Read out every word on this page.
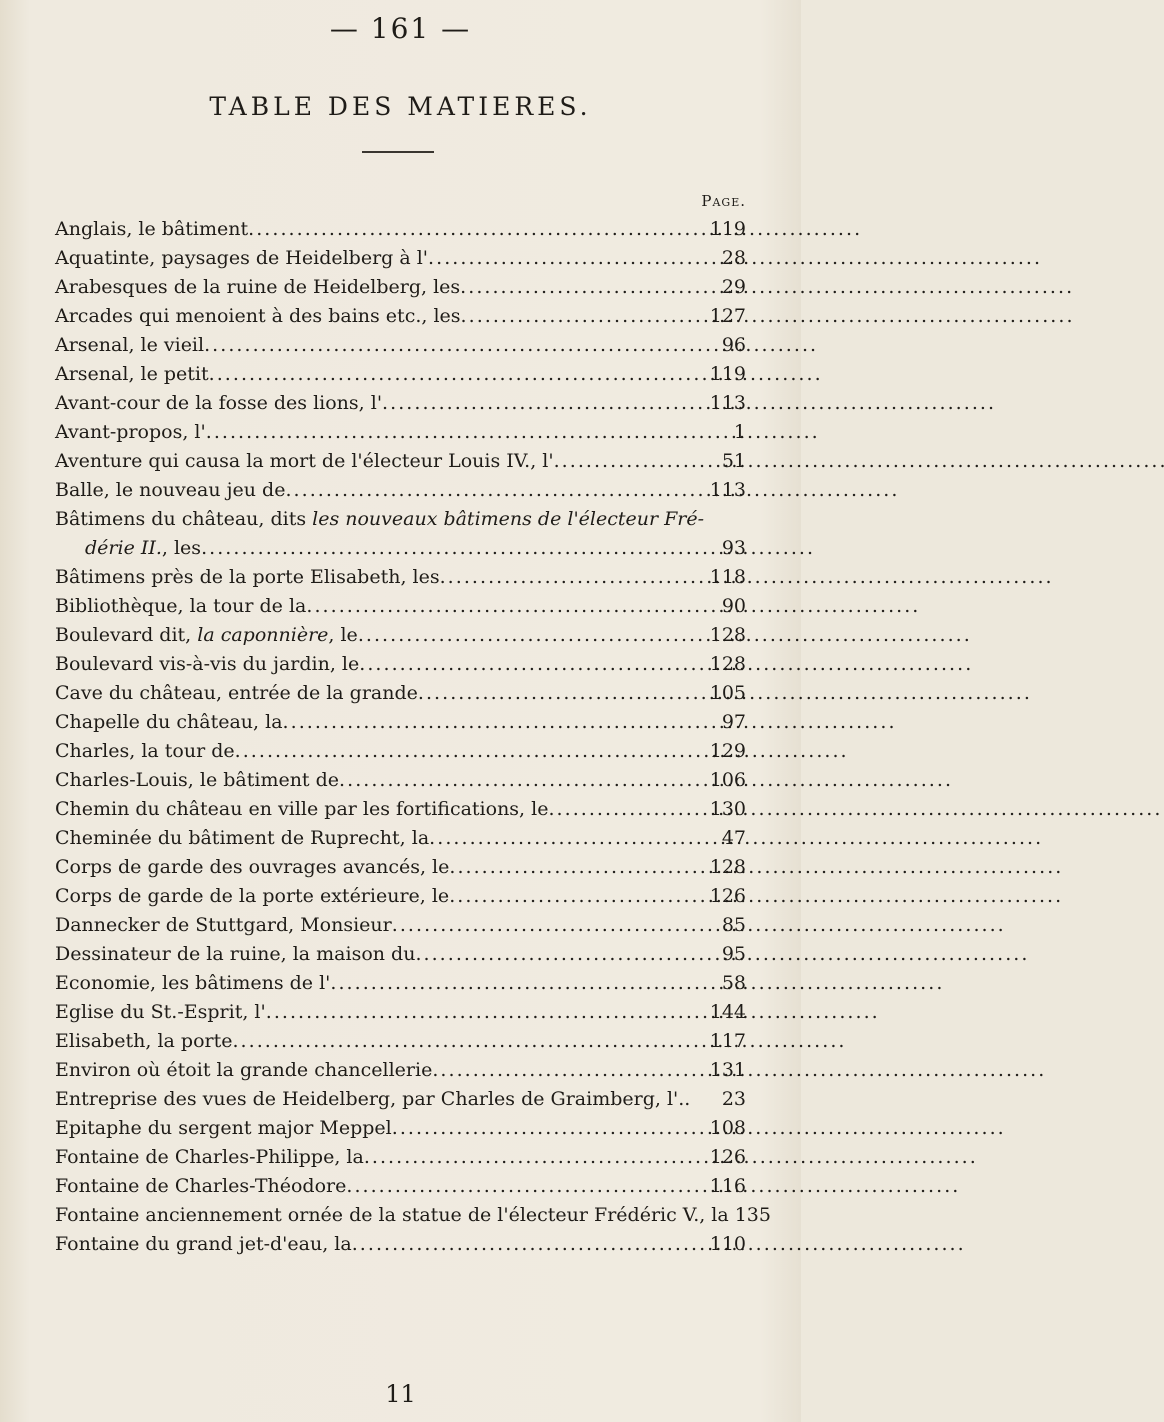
— 161 —
TABLE DES MATIERES.
Page.
Anglais, le bâtiment . . .	119
Aquatinte, paysages de Heidelberg à l' . . .	28
Arabesques de la ruine de Heidelberg, les . . .	29
Arcades qui menoient à des bains etc., les . . .	127
Arsenal, le vieil . . .	96
Arsenal, le petit . . .	119
Avant-cour de la fosse des lions, l' . . .	113
Avant-propos, l' . . .	1
Aventure qui causa la mort de l'électeur Louis IV., l' . . .	51
Balle, le nouveau jeu de . . .	113
Bâtimens du château, dits les nouveaux bâtimens de l'électeur Fré-
dérie II., les . . .	93
Bâtimens près de la porte Elisabeth, les . . .	118
Bibliothèque, la tour de la . . .	90
Boulevard dit, la caponnière, le . . .	128
Boulevard vis-à-vis du jardin, le . . .	128
Cave du château, entrée de la grande . . .	105
Chapelle du château, la . . .	97
Charles, la tour de . . .	129
Charles-Louis, le bâtiment de . . .	106
Chemin du château en ville par les fortifications, le . . .	130
Cheminée du bâtiment de Ruprecht, la . . .	47
Corps de garde des ouvrages avancés, le . . .	128
Corps de garde de la porte extérieure, le . . .	126
Dannecker de Stuttgard, Monsieur . . .	85
Dessinateur de la ruine, la maison du . . .	95
Economie, les bâtimens de l' . . .	58
Eglise du St.-Esprit, l' . . .	144
Elisabeth, la porte . . .	117
Environ où étoit la grande chancellerie . . .	131
Entreprise des vues de Heidelberg, par Charles de Graimberg, l'.. 23
Epitaphe du sergent major Meppel . . .	108
Fontaine de Charles-Philippe, la . . .	126
Fontaine de Charles-Théodore . . .	116
Fontaine anciennement ornée de la statue de l'électeur Frédéric V., la 135
Fontaine du grand jet-d'eau, la . . .	110
11
